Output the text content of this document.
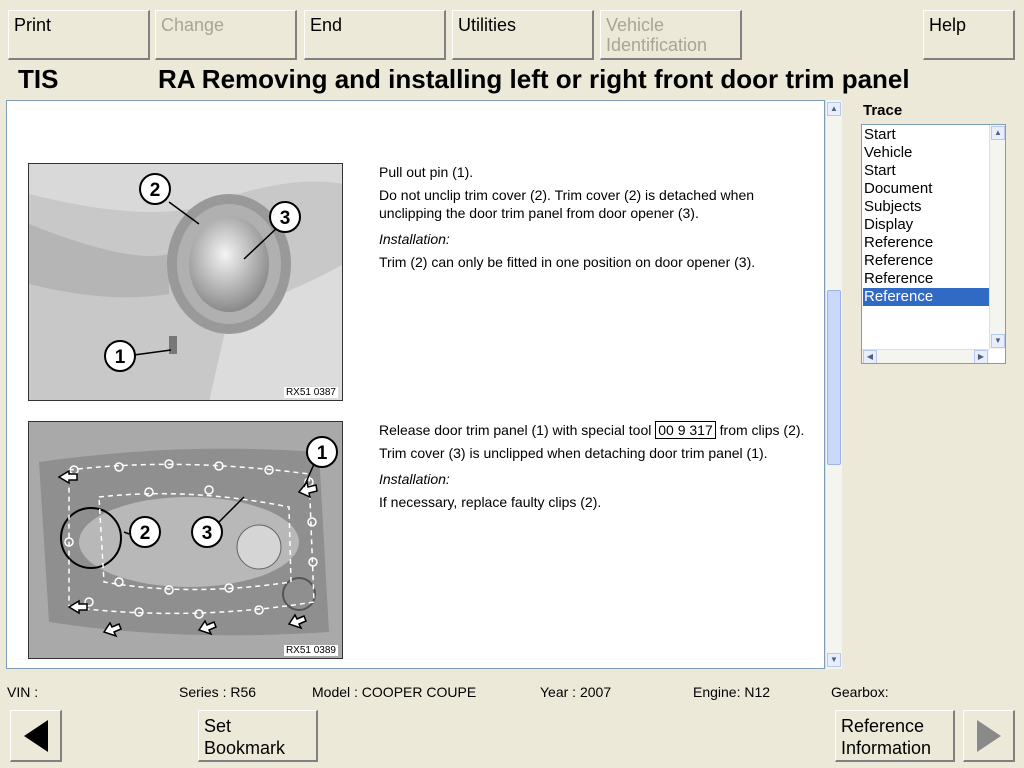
Print	Change	End	Utilities	Vehicle
Identification
Help
TIS	RA Removing and installing left or right front door trim panel
2
3
1
RX51 0387

Pull out pin (1).

Do not unclip trim cover (2). Trim cover (2) is detached when unclipping the door trim panel from door opener (3).

Installation:

Trim (2) can only be fitted in one position on door opener (3).

1
2	3
RX51 0389

Release door trim panel (1) with special tool 00 9 317 from clips (2).

Trim cover (3) is unclipped when detaching door trim panel (1).

Installation:

If necessary, replace faulty clips (2).

▲
▼
Trace
Start
Vehicle
Start
Document
Subjects
Display
Reference
Reference
Reference
Reference
▲
▼
◀	▶
VIN :	Series : R56	Model : COOPER COUPE	Year : 2007	Engine: N12	Gearbox:

Set
Bookmark

Reference
Information
